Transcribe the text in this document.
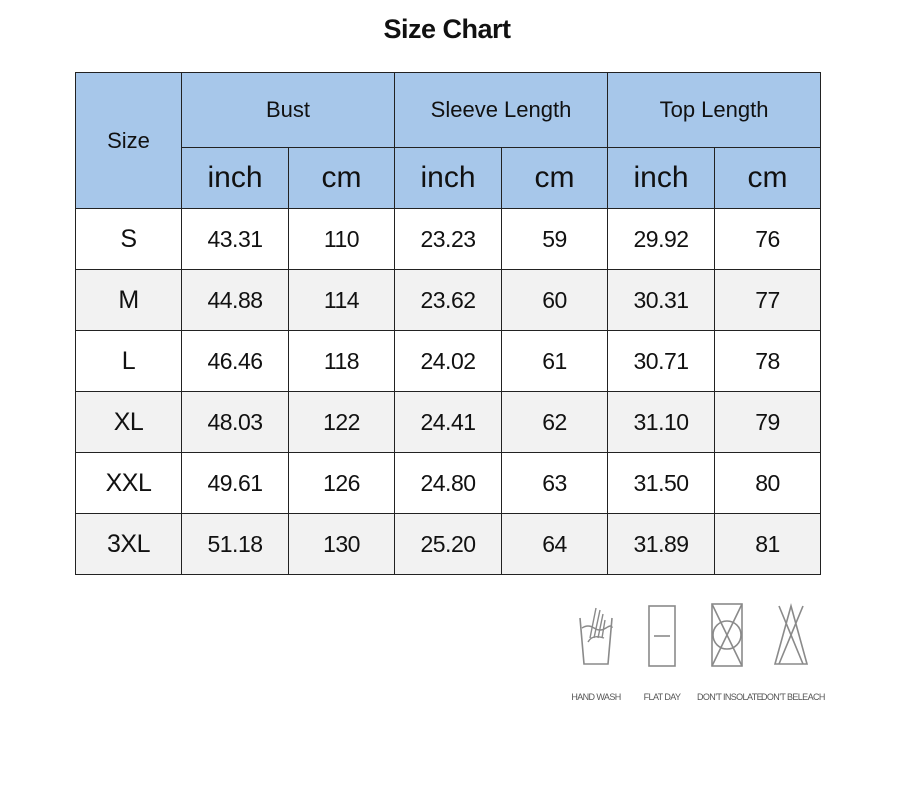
Size Chart
Size	Bust		Sleeve Length		Top Length	
	inch	cm	inch	cm	inch	cm
S	43.31	110	23.23	59	29.92	76
M	44.88	114	23.62	60	30.31	77
L	46.46	118	24.02	61	30.71	78
XL	48.03	122	24.41	62	31.10	79
XXL	49.61	126	24.80	63	31.50	80
3XL	51.18	130	25.20	64	31.89	81
HAND WASH	FLAT DAY	DON'T INSOLATE DON'T BELEACH
